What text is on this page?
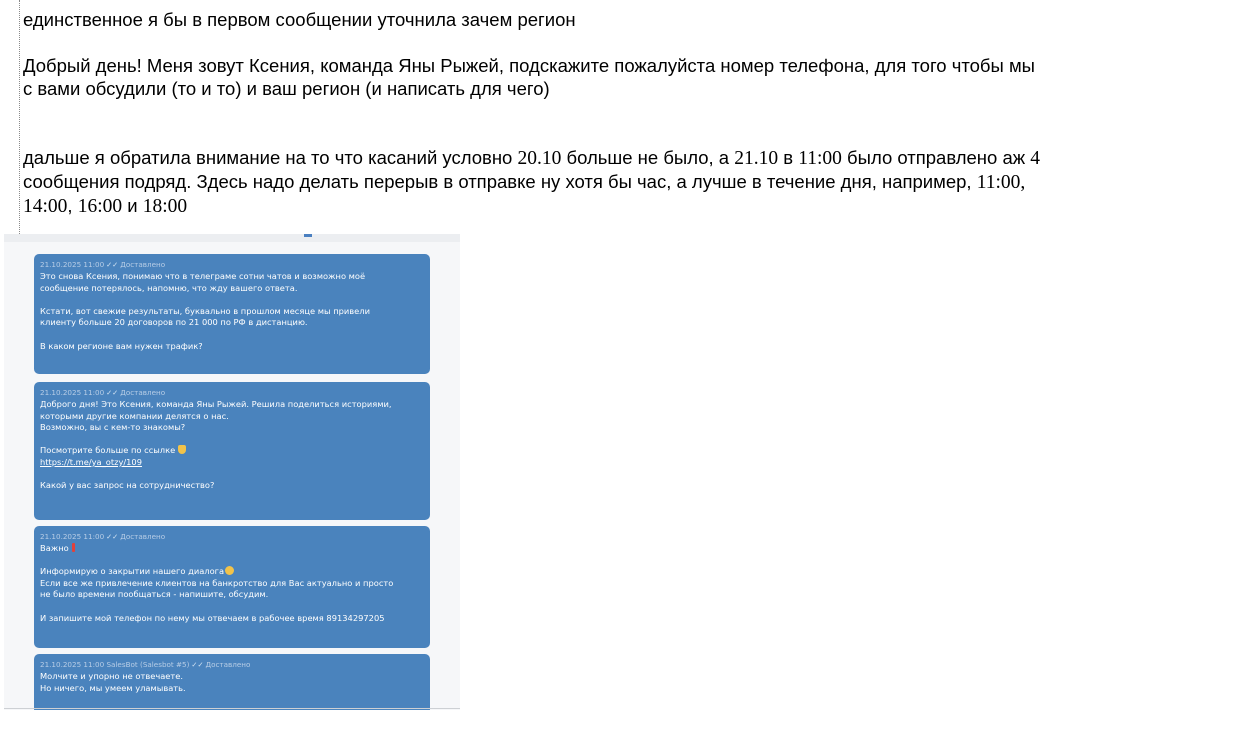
единственное я бы в первом сообщении уточнила зачем регион

Добрый день! Меня зовут Ксения, команда Яны Рыжей, подскажите пожалуйста номер телефона, для того чтобы мы
с вами обсудили (то и то) и ваш регион (и написать для чего)

дальше я обратила внимание на то что касаний условно 20.10 больше не было, а 21.10 в 11:00 было отправлено аж 4
сообщения подряд. Здесь надо делать перерыв в отправке ну хотя бы час, а лучше в течение дня, например, 11:00,
14:00, 16:00 и 18:00

21.10.2025 11:00 ✓✓ Доставлено
Это снова Ксения, понимаю что в телеграме сотни чатов и возможно моё
сообщение потерялось, напомню, что жду вашего ответа.
Кстати, вот свежие результаты, буквально в прошлом месяце мы привели
клиенту больше 20 договоров по 21 000 по РФ в дистанцию.
В каком регионе вам нужен трафик?
21.10.2025 11:00 ✓✓ Доставлено
Доброго дня! Это Ксения, команда Яны Рыжей. Решила поделиться историями,
которыми другие компании делятся о нас.
Возможно, вы с кем-то знакомы?
Посмотрите больше по ссылке
https://t.me/ya_otzy/109
Какой у вас запрос на сотрудничество?
21.10.2025 11:00 ✓✓ Доставлено
Важно
Информирую о закрытии нашего диалога
Если все же привлечение клиентов на банкротство для Вас актуально и просто
не было времени пообщаться - напишите, обсудим.
И запишите мой телефон по нему мы отвечаем в рабочее время 89134297205
21.10.2025 11:00 SalesBot (Salesbot #5) ✓✓ Доставлено
Молчите и упорно не отвечаете.
Но ничего, мы умеем уламывать.
